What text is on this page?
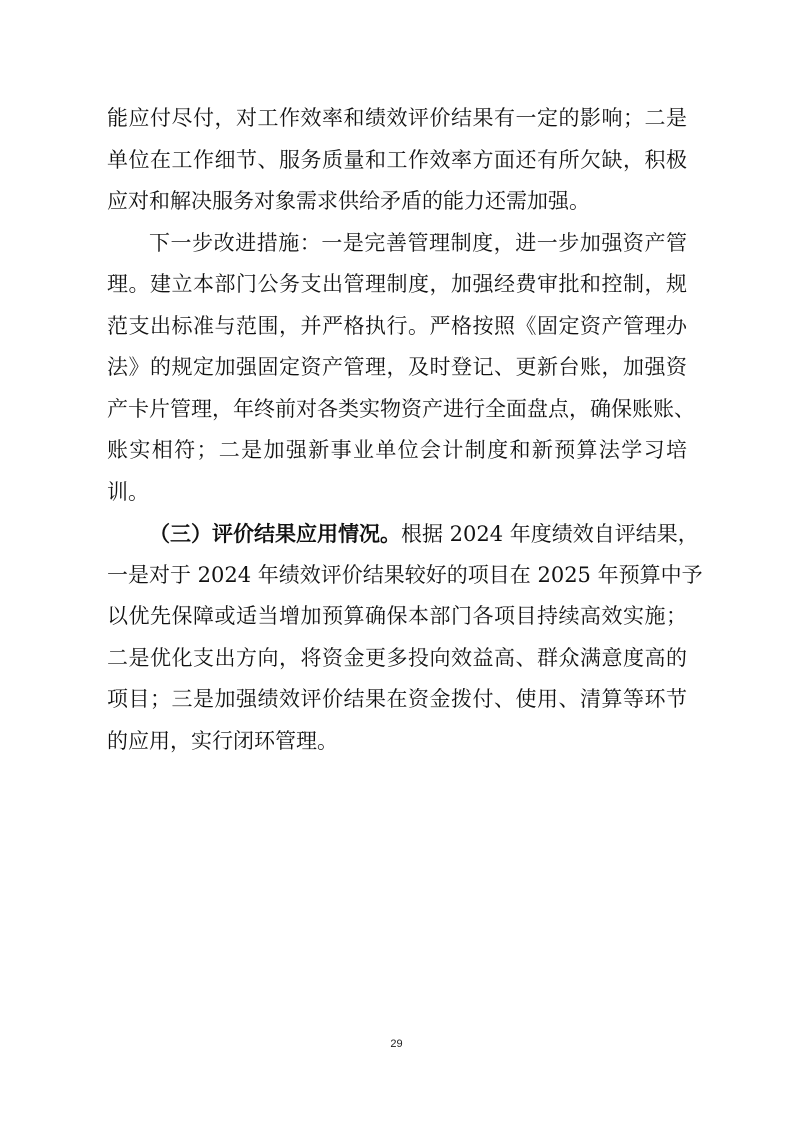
能应付尽付，对工作效率和绩效评价结果有一定的影响；二是
单位在工作细节、服务质量和工作效率方面还有所欠缺，积极
应对和解决服务对象需求供给矛盾的能力还需加强。
下一步改进措施：一是完善管理制度，进一步加强资产管
理。建立本部门公务支出管理制度，加强经费审批和控制，规
范支出标准与范围，并严格执行。严格按照《固定资产管理办
法》的规定加强固定资产管理，及时登记、更新台账，加强资
产卡片管理，年终前对各类实物资产进行全面盘点，确保账账、
账实相符；二是加强新事业单位会计制度和新预算法学习培
训。
（三）评价结果应用情况。根据 2024 年度绩效自评结果，
一是对于 2024 年绩效评价结果较好的项目在 2025 年预算中予
以优先保障或适当增加预算确保本部门各项目持续高效实施；
二是优化支出方向，将资金更多投向效益高、群众满意度高的
项目；三是加强绩效评价结果在资金拨付、使用、清算等环节
的应用，实行闭环管理。
29
